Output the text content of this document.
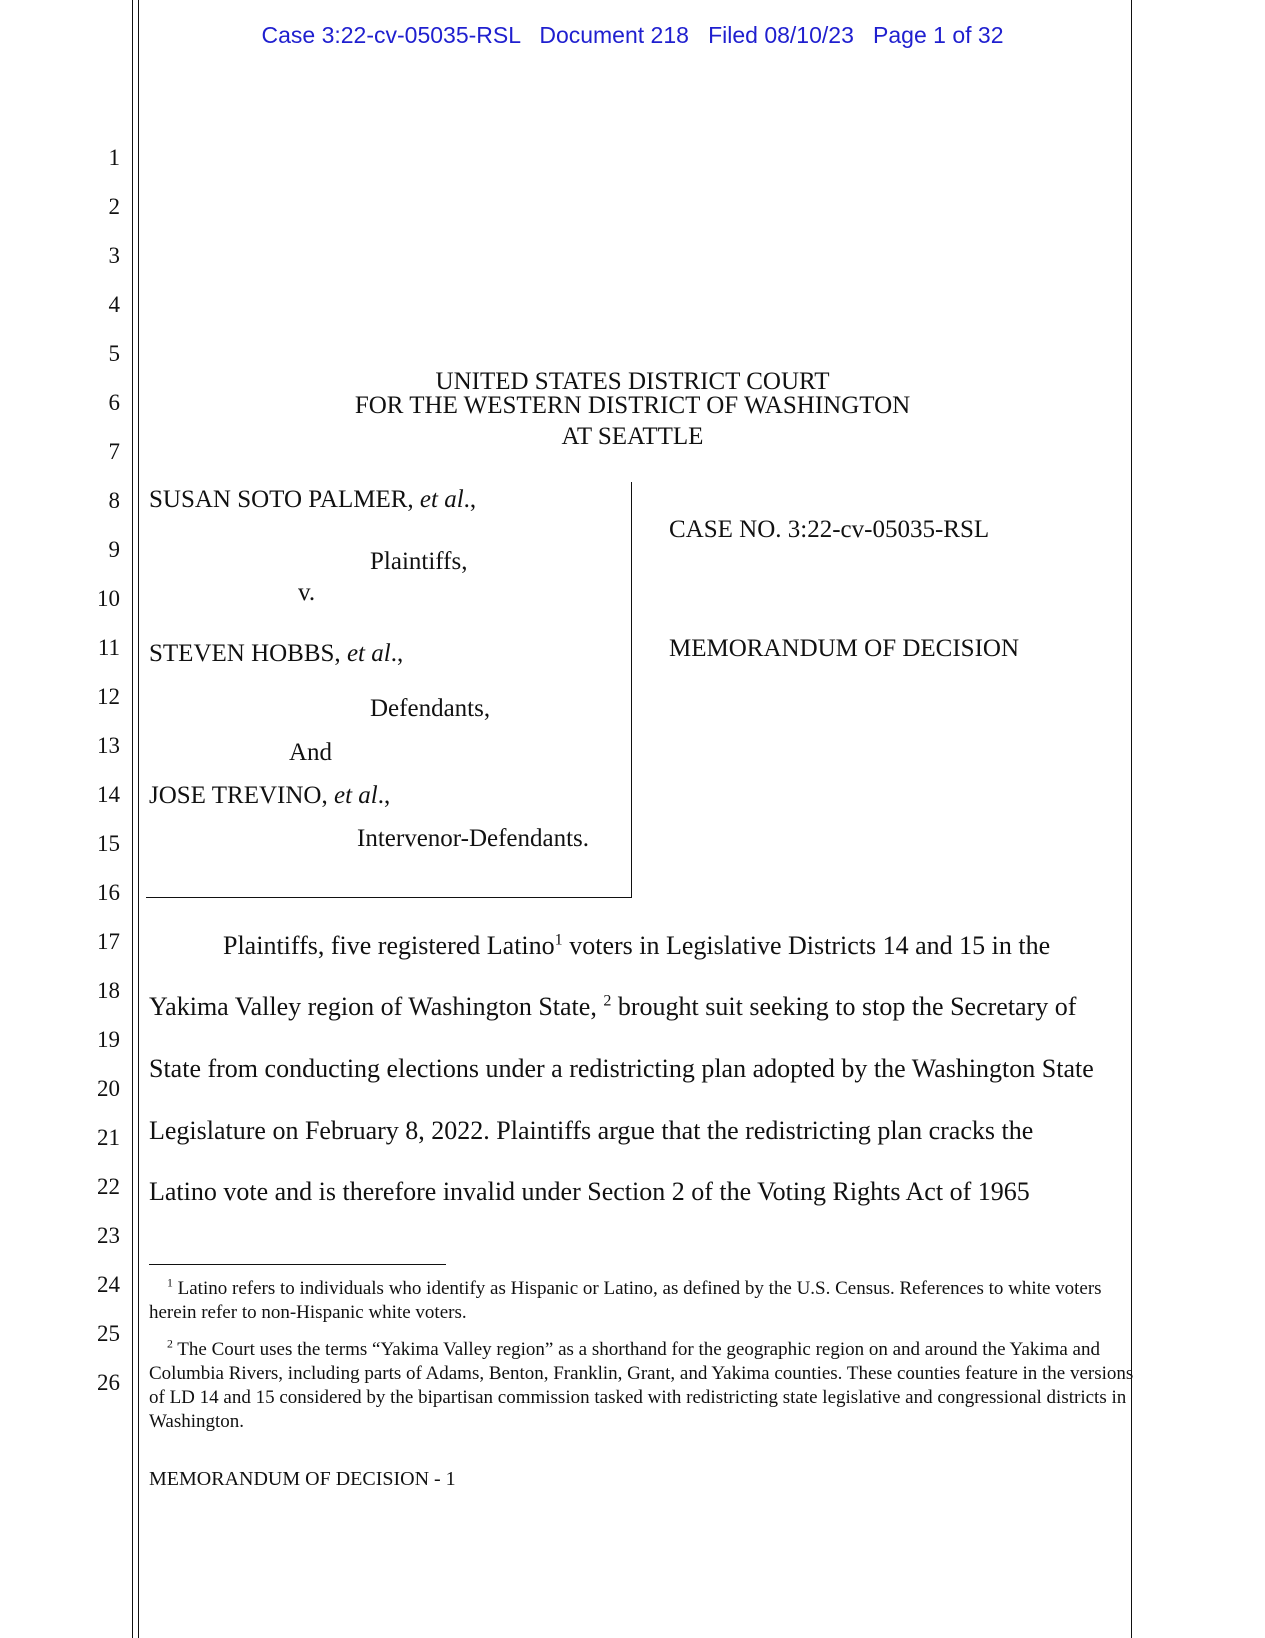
Case 3:22-cv-05035-RSL Document 218 Filed 08/10/23 Page 1 of 32
1
2
3
4
5
6
7
8
9
10
11
12
13
14
15
16
17
18
19
20
21
22
23
24
25
26
UNITED STATES DISTRICT COURT
FOR THE WESTERN DISTRICT OF WASHINGTON
AT SEATTLE
SUSAN SOTO PALMER, et al.,
Plaintiffs,
v.
STEVEN HOBBS, et al.,
Defendants,
And
JOSE TREVINO, et al.,
Intervenor-Defendants.
CASE NO. 3:22-cv-05035-RSL
MEMORANDUM OF DECISION
Plaintiffs, five registered Latino$^1$ voters in Legislative Districts 14 and 15 in the
Yakima Valley region of Washington State, $^2$ brought suit seeking to stop the Secretary of
State from conducting elections under a redistricting plan adopted by the Washington State
Legislature on February 8, 2022. Plaintiffs argue that the redistricting plan cracks the
Latino vote and is therefore invalid under Section 2 of the Voting Rights Act of 1965
$^1$ Latino refers to individuals who identify as Hispanic or Latino, as defined by the U.S. Census. References to white voters herein refer to non-Hispanic white voters.
$^2$ The Court uses the terms “Yakima Valley region” as a shorthand for the geographic region on and around the Yakima and Columbia Rivers, including parts of Adams, Benton, Franklin, Grant, and Yakima counties. These counties feature in the versions of LD 14 and 15 considered by the bipartisan commission tasked with redistricting state legislative and congressional districts in Washington.
MEMORANDUM OF DECISION - 1
